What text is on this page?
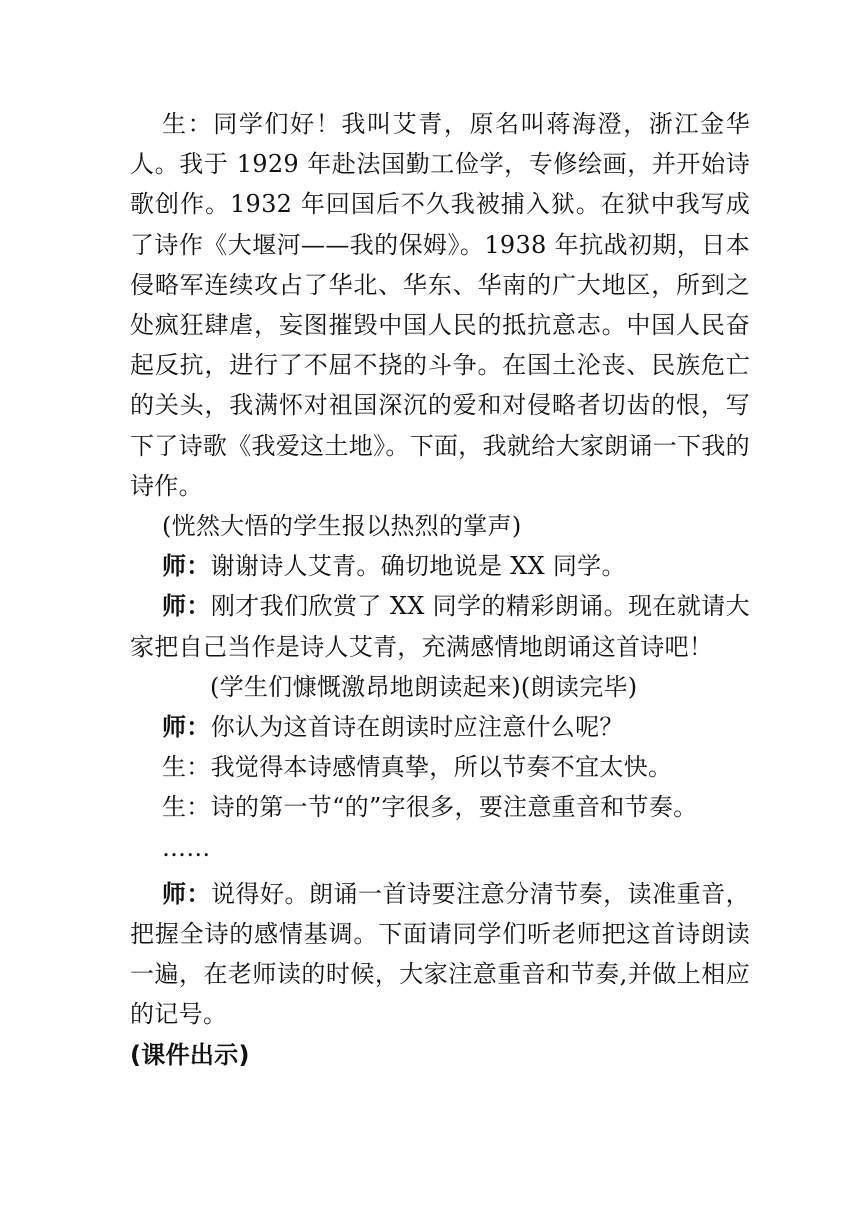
生：同学们好！我叫艾青，原名叫蒋海澄，浙江金华人。我于 1929 年赴法国勤工俭学，专修绘画，并开始诗歌创作。1932 年回国后不久我被捕入狱。在狱中我写成了诗作《大堰河——我的保姆》。1938 年抗战初期，日本侵略军连续攻占了华北、华东、华南的广大地区，所到之处疯狂肆虐，妄图摧毁中国人民的抵抗意志。中国人民奋起反抗，进行了不屈不挠的斗争。在国土沦丧、民族危亡的关头，我满怀对祖国深沉的爱和对侵略者切齿的恨，写下了诗歌《我爱这土地》。下面，我就给大家朗诵一下我的诗作。

(恍然大悟的学生报以热烈的掌声)

师：谢谢诗人艾青。确切地说是 XX 同学。

师：刚才我们欣赏了 XX 同学的精彩朗诵。现在就请大家把自己当作是诗人艾青，充满感情地朗诵这首诗吧！

(学生们慷慨激昂地朗读起来)(朗读完毕)

师：你认为这首诗在朗读时应注意什么呢？

生：我觉得本诗感情真挚，所以节奏不宜太快。

生：诗的第一节“的”字很多，要注意重音和节奏。

……

师：说得好。朗诵一首诗要注意分清节奏，读准重音，把握全诗的感情基调。下面请同学们听老师把这首诗朗读一遍，在老师读的时候，大家注意重音和节奏,并做上相应的记号。

(课件出示)
